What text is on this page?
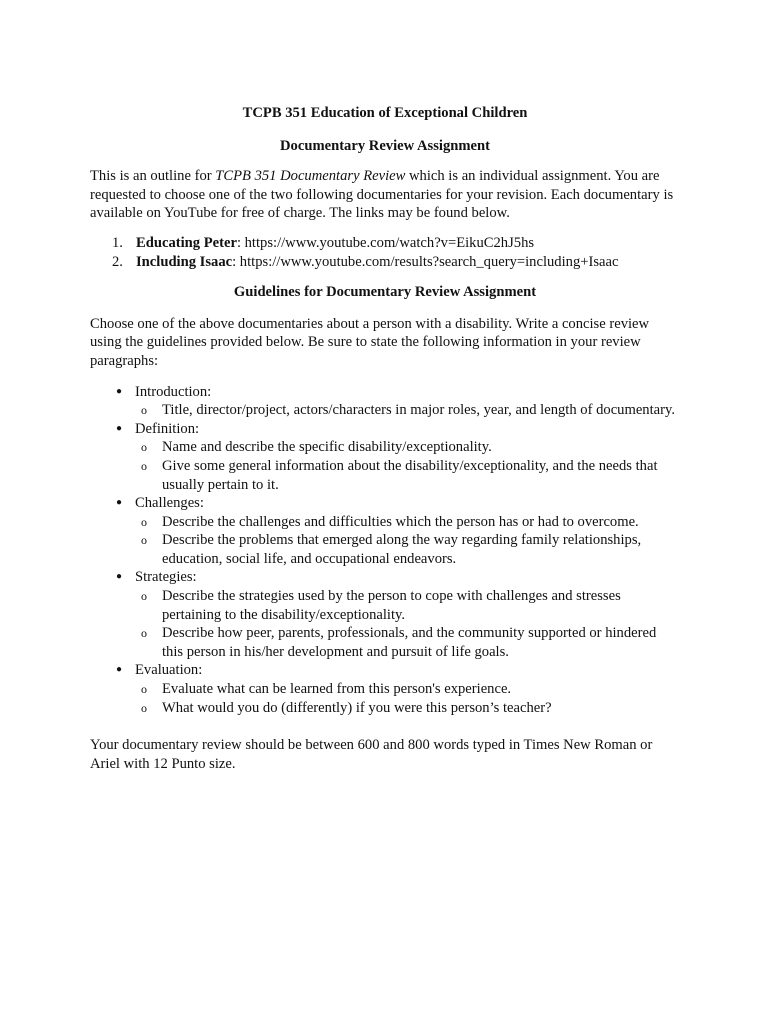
TCPB 351 Education of Exceptional Children

Documentary Review Assignment

This is an outline for TCPB 351 Documentary Review which is an individual assignment. You are requested to choose one of the two following documentaries for your revision. Each documentary is available on YouTube for free of charge. The links may be found below.

1. Educating Peter: https://www.youtube.com/watch?v=EikuC2hJ5hs
2. Including Isaac: https://www.youtube.com/results?search_query=including+Isaac

Guidelines for Documentary Review Assignment

Choose one of the above documentaries about a person with a disability. Write a concise review using the guidelines provided below. Be sure to state the following information in your review paragraphs:

● Introduction:
o Title, director/project, actors/characters in major roles, year, and length of documentary.
● Definition:
o Name and describe the specific disability/exceptionality.
o Give some general information about the disability/exceptionality, and the needs that usually pertain to it.
● Challenges:
o Describe the challenges and difficulties which the person has or had to overcome.
o Describe the problems that emerged along the way regarding family relationships, education, social life, and occupational endeavors.
● Strategies:
o Describe the strategies used by the person to cope with challenges and stresses pertaining to the disability/exceptionality.
o Describe how peer, parents, professionals, and the community supported or hindered this person in his/her development and pursuit of life goals.
● Evaluation:
o Evaluate what can be learned from this person's experience.
o What would you do (differently) if you were this person’s teacher?

Your documentary review should be between 600 and 800 words typed in Times New Roman or Ariel with 12 Punto size.
